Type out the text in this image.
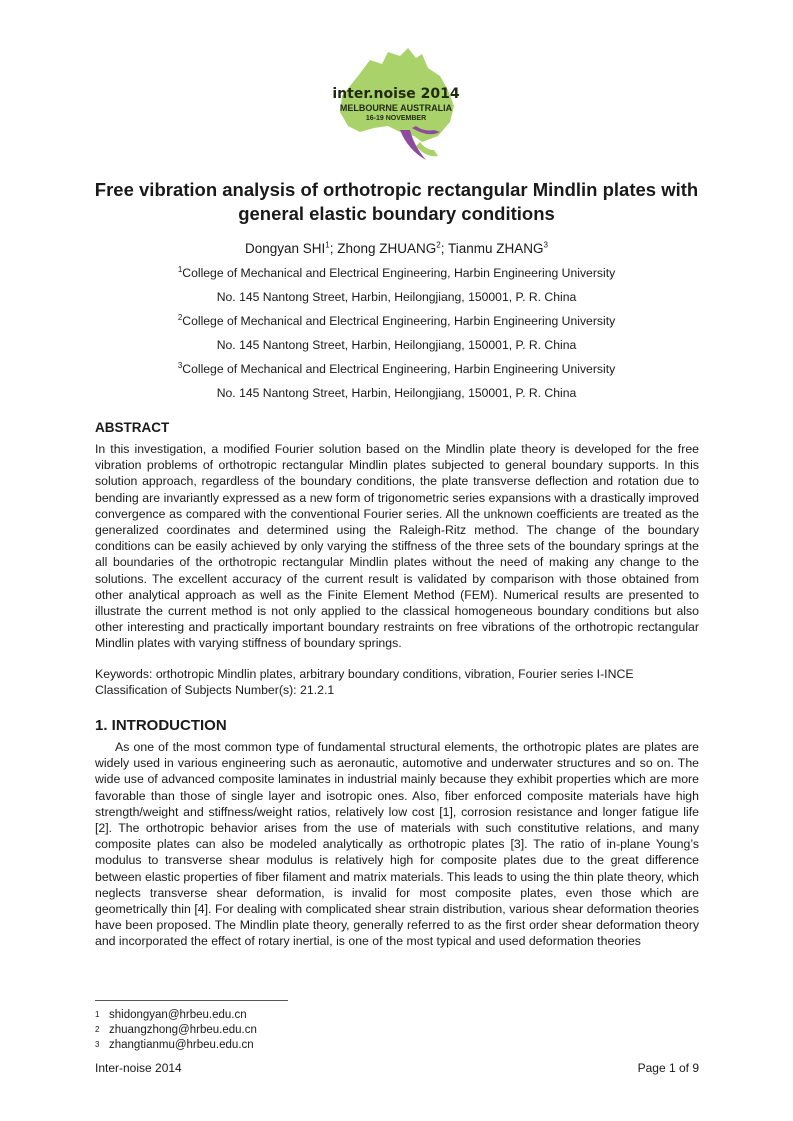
inter.noise 2014
MELBOURNE AUSTRALIA
16-19 NOVEMBER
Free vibration analysis of orthotropic rectangular Mindlin plates with general elastic boundary conditions
Dongyan SHI$^1$; Zhong ZHUANG$^2$; Tianmu ZHANG$^3$
$^1$College of Mechanical and Electrical Engineering, Harbin Engineering University
No. 145 Nantong Street, Harbin, Heilongjiang, 150001, P. R. China
$^2$College of Mechanical and Electrical Engineering, Harbin Engineering University
No. 145 Nantong Street, Harbin, Heilongjiang, 150001, P. R. China
$^3$College of Mechanical and Electrical Engineering, Harbin Engineering University
No. 145 Nantong Street, Harbin, Heilongjiang, 150001, P. R. China
ABSTRACT

In this investigation, a modified Fourier solution based on the Mindlin plate theory is developed for the free vibration problems of orthotropic rectangular Mindlin plates subjected to general boundary supports. In this solution approach, regardless of the boundary conditions, the plate transverse deflection and rotation due to bending are invariantly expressed as a new form of trigonometric series expansions with a drastically improved convergence as compared with the conventional Fourier series. All the unknown coefficients are treated as the generalized coordinates and determined using the Raleigh-Ritz method. The change of the boundary conditions can be easily achieved by only varying the stiffness of the three sets of the boundary springs at the all boundaries of the orthotropic rectangular Mindlin plates without the need of making any change to the solutions. The excellent accuracy of the current result is validated by comparison with those obtained from other analytical approach as well as the Finite Element Method (FEM). Numerical results are presented to illustrate the current method is not only applied to the classical homogeneous boundary conditions but also other interesting and practically important boundary restraints on free vibrations of the orthotropic rectangular Mindlin plates with varying stiffness of boundary springs.

Keywords: orthotropic Mindlin plates, arbitrary boundary conditions, vibration, Fourier series I-INCE
Classification of Subjects Number(s): 21.2.1
1. INTRODUCTION

As one of the most common type of fundamental structural elements, the orthotropic plates are plates are widely used in various engineering such as aeronautic, automotive and underwater structures and so on. The wide use of advanced composite laminates in industrial mainly because they exhibit properties which are more favorable than those of single layer and isotropic ones. Also, fiber enforced composite materials have high strength/weight and stiffness/weight ratios, relatively low cost [1], corrosion resistance and longer fatigue life [2]. The orthotropic behavior arises from the use of materials with such constitutive relations, and many composite plates can also be modeled analytically as orthotropic plates [3]. The ratio of in-plane Young’s modulus to transverse shear modulus is relatively high for composite plates due to the great difference between elastic properties of fiber filament and matrix materials. This leads to using the thin plate theory, which neglects transverse shear deformation, is invalid for most composite plates, even those which are geometrically thin [4]. For dealing with complicated shear strain distribution, various shear deformation theories have been proposed. The Mindlin plate theory, generally referred to as the first order shear deformation theory and incorporated the effect of rotary inertial, is one of the most typical and used deformation theories

1 shidongyan@hrbeu.edu.cn
2 zhuangzhong@hrbeu.edu.cn
3 zhangtianmu@hrbeu.edu.cn
Inter-noise 2014	Page 1 of 9
